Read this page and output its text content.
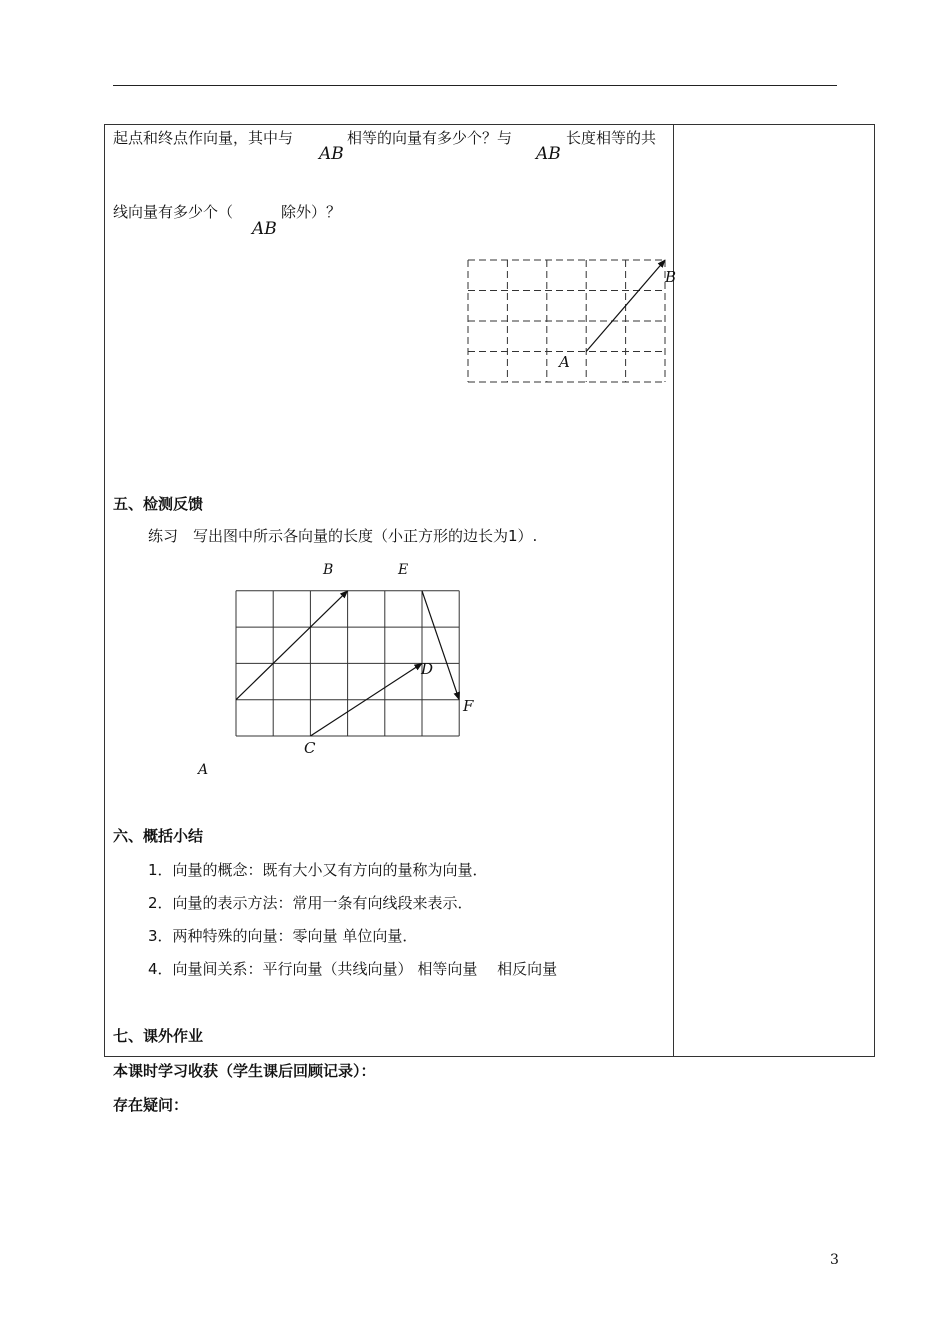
起点和终点作向量，其中与
AB
相等的向量有多少个？与
AB
长度相等的共
线向量有多少个（
AB
除外）？
B
A
五、检测反馈
练习　写出图中所示各向量的长度（小正方形的边长为1）.
B	E
D
F
C
A
六、概括小结
1．向量的概念：既有大小又有方向的量称为向量．
2．向量的表示方法：常用一条有向线段来表示．
3．两种特殊的向量：零向量 单位向量．
4．向量间关系：平行向量（共线向量） 相等向量　 相反向量
七、课外作业
本课时学习收获（学生课后回顾记录）：
存在疑问：
3
